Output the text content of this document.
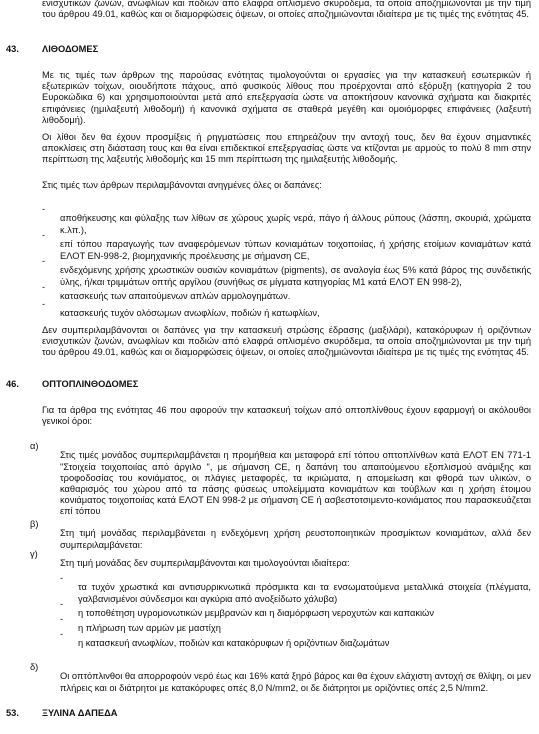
ενισχυτικών ζωνών, ανωφλίων και ποδιών από ελαφρά οπλισμένο σκυρόδεμα, τα οποία αποζημιώνονται με την τιμή του άρθρου 49.01, καθώς και οι διαμορφώσεις όψεων, οι οποίες αποζημιώνονται ιδιαίτερα με τις τιμές της ενότητας 45.

43. ΛΙΘΟΔΟΜΕΣ

Με τις τιμές των άρθρων της παρούσας ενότητας τιμολογούνται οι εργασίες για την κατασκευή εσωτερικών ή εξωτερικών τοίχων, οιουδήποτε πάχους, από φυσικούς λίθους που προέρχονται από εξόρυξη (κατηγορία 2 του Ευροκώδικα 6) και χρησιμοποιούνται μετά από επεξεργασία ώστε να αποκτήσουν κανονικά σχήματα και διακριτές επιφάνειες (ημιλαξευτή λιθοδομή) ή κανονικά σχήματα σε σταθερά μεγέθη και ομοιόμορφες επιφάνειες (λαξευτή λιθοδομή).

Οι λίθοι δεν θα έχουν προσμίξεις ή ρηγματώσεις που επηρεάζουν την αντοχή τους, δεν θα έχουν σημαντικές αποκλίσεις στη διάσταση τους και θα είναι επιδεκτικοί επεξεργασίας ώστε να κτίζονται με αρμούς το πολύ 8 mm στην περίπτωση της λαξευτής λιθοδομής και 15 mm περίπτωση της ημιλαξευτής λιθοδομής.

Στις τιμές των άρθρων περιλαμβάνονται ανηγμένες όλες οι δαπάνες:

-

αποθήκευσης και φύλαξης των λίθων σε χώρους χωρίς νερά, πάγο ή άλλους ρύπους (λάσπη, σκουριά, χρώματα κ.λπ.),

-

επί τόπου παραγωγής των αναφερόμενων τύπων κονιαμάτων τοιχοποιίας, ή χρήσης ετοίμων κονιαμάτων κατά ΕΛΟΤ ΕΝ-998-2, βιομηχανικής προέλευσης με σήμανση CE,

-

ενδεχόμενης χρήσης χρωστικών ουσιών κονιαμάτων (pigments), σε αναλογία έως 5% κατά βάρος της συνδετικής ύλης, ή/και τριμμάτων οπτής αργίλου (συνήθως σε μίγματα κατηγορίας Μ1 κατά ΕΛΟΤ ΕΝ 998-2),

-

κατασκευής των απαιτούμενων απλών αρμολογημάτων.

-

κατασκευής τυχόν ολόσωμων ανωφλίων, ποδιών ή κατωφλίων,

Δεν συμπεριλαμβάνονται οι δαπάνες για την κατασκευή στρώσης έδρασης (μαξιλάρι), κατακόρυφων ή οριζόντιων ενισχυτικών ζωνών, ανωφλίων και ποδιών από ελαφρά οπλισμένο σκυρόδεμα, τα οποία αποζημιώνονται με την τιμή του άρθρου 49.01, καθώς και οι διαμορφώσεις όψεων, οι οποίες αποζημιώνονται ιδιαίτερα με τις τιμές της ενότητας 45.

46. ΟΠΤΟΠΛΙΝΘΟΔΟΜΕΣ

Για τα άρθρα της ενότητας 46 που αφορούν την κατασκευή τοίχων από οπτοπλίνθους έχουν εφαρμογή οι ακόλουθοι γενικοί όροι:

α)

Στις τιμές μονάδος συμπεριλαμβάνεται η προμήθεια και μεταφορά επί τόπου οπτοπλίνθων κατά ΕΛΟΤ ΕΝ 771-1 "Στοιχεία τοιχοποιίας από άργιλο ", με σήμανση CE, η δαπάνη του απαιτούμενου εξοπλισμού ανάμιξης και τροφοδοσίας του κονιάματος, οι πλάγιες μεταφορές, τα ικριώματα, η απομείωση και φθορά των υλικών, ο καθαρισμός του χώρου από τα πάσης φύσεως υπολείμματα κονιαμάτων και τούβλων και η χρήση έτοιμου κονιάματος τοιχοποιίας κατά ΕΛΟΤ ΕΝ 998-2 με σήμανση CE ή ασβεστοτσιμεντο-κονιάματος που παρασκευάζεται επί τόπου

β)

Στη τιμή μονάδας περιλαμβάνεται η ενδεχόμενη χρήση ρευστοποιητικών προσμίκτων κονιαμάτων, αλλά δεν συμπεριλαμβάνεται:

γ)

Στη τιμή μονάδας δεν συμπεριλαμβάνονται και τιμολογούνται ιδιαίτερα:

-

τα τυχόν χρωστικά και αντισυρρικνωτικά πρόσμικτα και τα ενσωματούμενα μεταλλικά στοιχεία (πλέγματα, γαλβανισμένοι σύνδεσμοι και αγκύρια από ανοξείδωτο χάλυβα)

-

η τοποθέτηση υγρομονωτικών μεμβρανών και η διαμόρφωση νεροχυτών και καπακιών

-

η πλήρωση των αρμών με μαστίχη

-

η κατασκευή ανωφλίων, ποδιών και κατακόρυφων ή οριζόντιων διαζωμάτων

δ)

Οι οπτόπλινθοι θα απορροφούν νερό έως και 16% κατά ξηρό βάρος και θα έχουν ελάχιστη αντοχή σε θλίψη, οι μεν πλήρεις και οι διάτρητοι με κατακόρυφες οπές 8,0 N/mm2, οι δε διάτρητοι με οριζόντιες οπές 2,5 N/mm2.

53. ΞΥΛΙΝΑ ΔΑΠΕΔΑ
